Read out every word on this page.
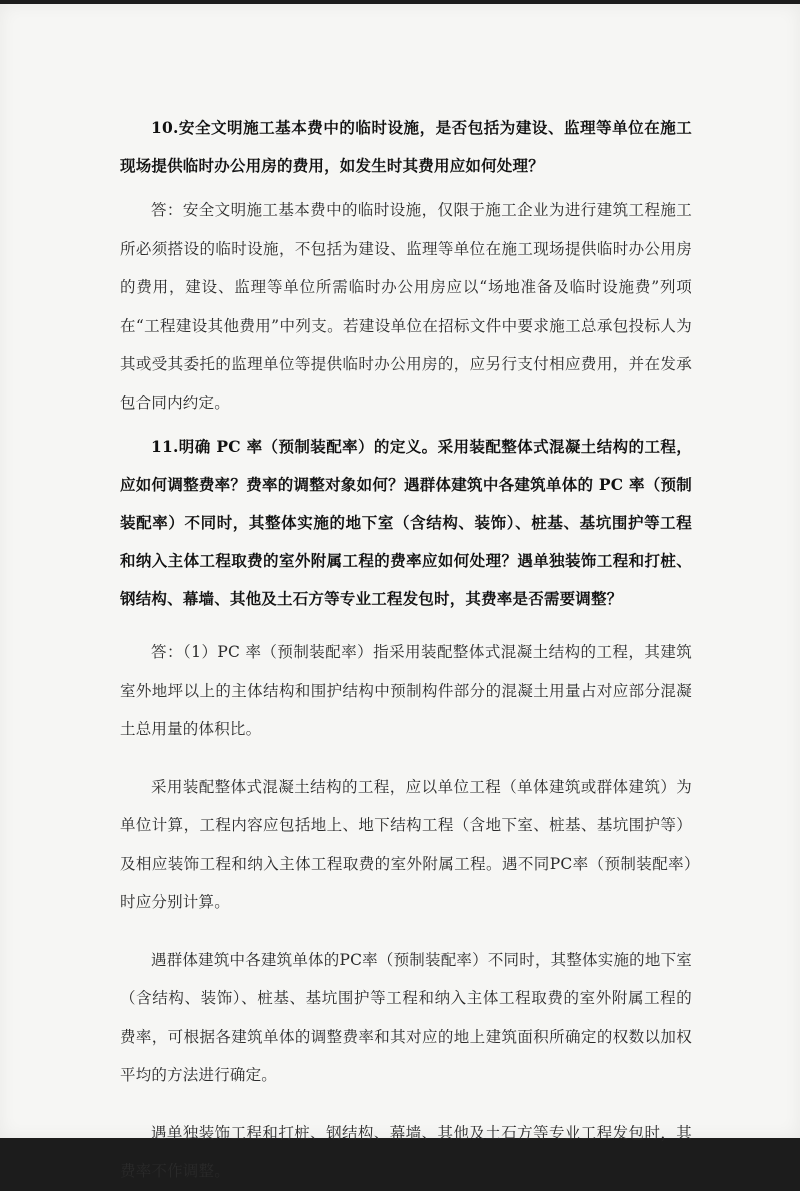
10.安全文明施工基本费中的临时设施，是否包括为建设、监理等单位在施工现场提供临时办公用房的费用，如发生时其费用应如何处理？

答：安全文明施工基本费中的临时设施，仅限于施工企业为进行建筑工程施工所必须搭设的临时设施，不包括为建设、监理等单位在施工现场提供临时办公用房的费用，建设、监理等单位所需临时办公用房应以“场地准备及临时设施费”列项在“工程建设其他费用”中列支。若建设单位在招标文件中要求施工总承包投标人为其或受其委托的监理单位等提供临时办公用房的，应另行支付相应费用，并在发承包合同内约定。

11.明确 PC 率（预制装配率）的定义。采用装配整体式混凝土结构的工程，应如何调整费率？费率的调整对象如何？遇群体建筑中各建筑单体的 PC 率（预制装配率）不同时，其整体实施的地下室（含结构、装饰）、桩基、基坑围护等工程和纳入主体工程取费的室外附属工程的费率应如何处理？遇单独装饰工程和打桩、钢结构、幕墙、其他及土石方等专业工程发包时，其费率是否需要调整？

答：（1）PC 率（预制装配率）指采用装配整体式混凝土结构的工程，其建筑室外地坪以上的主体结构和围护结构中预制构件部分的混凝土用量占对应部分混凝土总用量的体积比。

采用装配整体式混凝土结构的工程，应以单位工程（单体建筑或群体建筑）为单位计算，工程内容应包括地上、地下结构工程（含地下室、桩基、基坑围护等）及相应装饰工程和纳入主体工程取费的室外附属工程。遇不同PC率（预制装配率）时应分别计算。

遇群体建筑中各建筑单体的PC率（预制装配率）不同时，其整体实施的地下室（含结构、装饰）、桩基、基坑围护等工程和纳入主体工程取费的室外附属工程的费率，可根据各建筑单体的调整费率和其对应的地上建筑面积所确定的权数以加权平均的方法进行确定。

遇单独装饰工程和打桩、钢结构、幕墙、其他及土石方等专业工程发包时，其费率不作调整。
